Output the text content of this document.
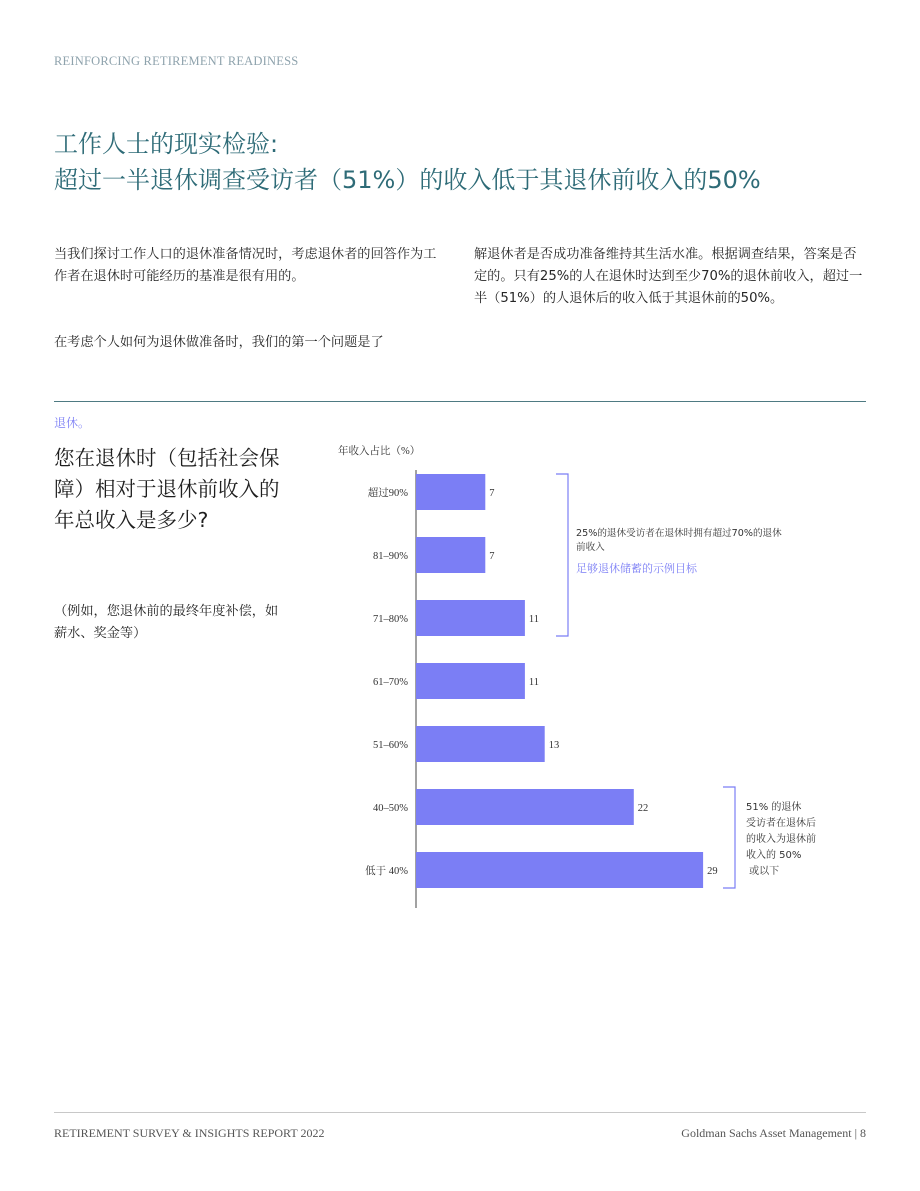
REINFORCING RETIREMENT READINESS
工作人士的现实检验:
超过一半退休调查受访者（51%）的收入低于其退休前收入的50%
当我们探讨工作人口的退休准备情况时，考虑退休者的回答作为工作者在退休时可能经历的基准是很有用的。
在考虑个人如何为退休做准备时，我们的第一个问题是了
解退休者是否成功准备维持其生活水准。根据调查结果，答案是否定的。只有25%的人在退休时达到至少70%的退休前收入，超过一半（51%）的人退休后的收入低于其退休前的50%。
退休。
您在退休时（包括社会保障）相对于退休前收入的年总收入是多少?
（例如，您退休前的最终年度补偿，如薪水、奖金等）
年收入占比（%）
超过90%	7
81–90%	7
71–80%	11
61–70%	11
51–60%	13
40–50%	22
低于 40%	29
25%的退休受访者在退休时拥有超过70%的退休前收入
足够退休储蓄的示例目标
51% 的退休受访者在退休后的收入为退休前收入的 50% 或以下
RETIREMENT SURVEY & INSIGHTS REPORT 2022	Goldman Sachs Asset Management | 8
